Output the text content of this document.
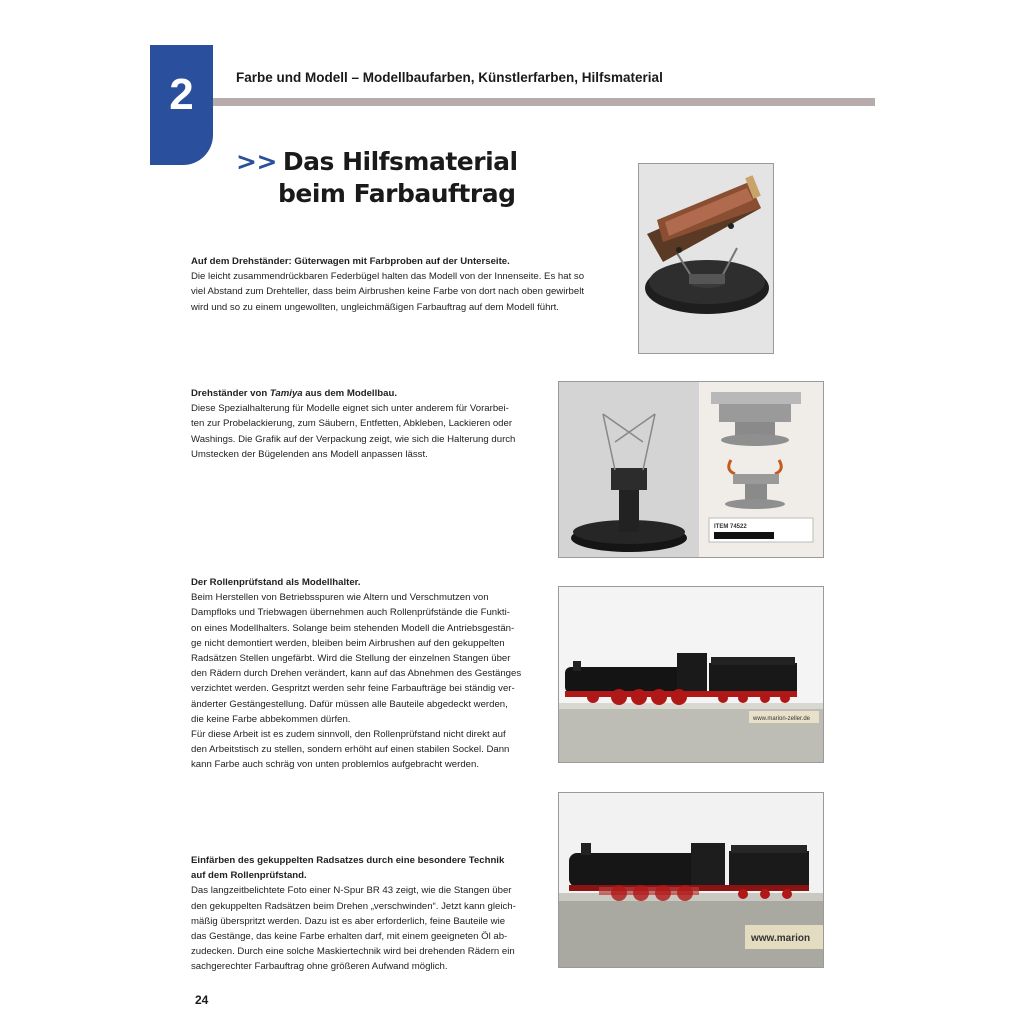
2	Farbe und Modell – Modellbaufarben, Künstlerfarben, Hilfsmaterial
>> Das Hilfsmaterial
beim Farbauftrag
Auf dem Drehständer: Güterwagen mit Farbproben auf der Unterseite.
Die leicht zusammendrückbaren Federbügel halten das Modell von der Innenseite. Es hat so
viel Abstand zum Drehteller, dass beim Airbrushen keine Farbe von dort nach oben gewirbelt
wird und so zu einem ungewollten, ungleichmäßigen Farbauftrag auf dem Modell führt.
Drehständer von Tamiya aus dem Modellbau.
Diese Spezialhalterung für Modelle eignet sich unter anderem für Vorarbei-
ten zur Probelackierung, zum Säubern, Entfetten, Abkleben, Lackieren oder
Washings. Die Grafik auf der Verpackung zeigt, wie sich die Halterung durch
Umstecken der Bügelenden ans Modell anpassen lässt.
Der Rollenprüfstand als Modellhalter.
Beim Herstellen von Betriebsspuren wie Altern und Verschmutzen von
Dampfloks und Triebwagen übernehmen auch Rollenprüfstände die Funkti-
on eines Modellhalters. Solange beim stehenden Modell die Antriebsgestän-
ge nicht demontiert werden, bleiben beim Airbrushen auf den gekuppelten
Radsätzen Stellen ungefärbt. Wird die Stellung der einzelnen Stangen über
den Rädern durch Drehen verändert, kann auf das Abnehmen des Gestänges
verzichtet werden. Gespritzt werden sehr feine Farbaufträge bei ständig ver-
änderter Gestängestellung. Dafür müssen alle Bauteile abgedeckt werden,
die keine Farbe abbekommen dürfen.
Für diese Arbeit ist es zudem sinnvoll, den Rollenprüfstand nicht direkt auf
den Arbeitstisch zu stellen, sondern erhöht auf einen stabilen Sockel. Dann
kann Farbe auch schräg von unten problemlos aufgebracht werden.
Einfärben des gekuppelten Radsatzes durch eine besondere Technik
auf dem Rollenprüfstand.
Das langzeitbelichtete Foto einer N-Spur BR 43 zeigt, wie die Stangen über
den gekuppelten Radsätzen beim Drehen „verschwinden“. Jetzt kann gleich-
mäßig überspritzt werden. Dazu ist es aber erforderlich, feine Bauteile wie
das Gestänge, das keine Farbe erhalten darf, mit einem geeigneten Öl ab-
zudecken. Durch eine solche Maskiertechnik wird bei drehenden Rädern ein
sachgerechter Farbauftrag ohne größeren Aufwand möglich.
ITEM 74522
www.marion-zeller.de
www.marion
24
